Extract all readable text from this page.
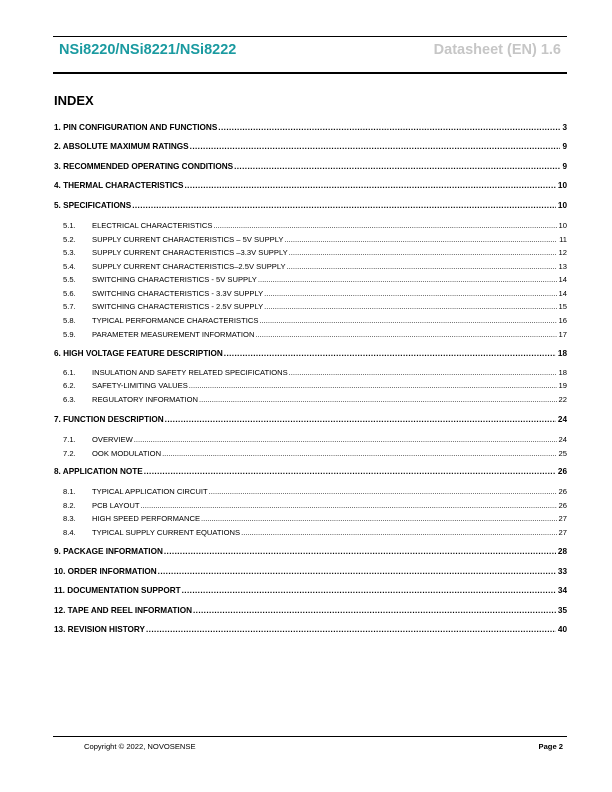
NSi8220/NSi8221/NSi8222	Datasheet (EN) 1.6
INDEX
1. PIN CONFIGURATION AND FUNCTIONS .....	3
2. ABSOLUTE MAXIMUM RATINGS .....	9
3. RECOMMENDED OPERATING CONDITIONS .....	9
4. THERMAL CHARACTERISTICS .....	10
5. SPECIFICATIONS .....	10
5.1.	ELECTRICAL CHARACTERISTICS .....	10
5.2.	SUPPLY CURRENT CHARACTERISTICS – 5V SUPPLY .....	11
5.3.	SUPPLY CURRENT CHARACTERISTICS –3.3V SUPPLY .....	12
5.4.	SUPPLY CURRENT CHARACTERISTICS–2.5V SUPPLY .....	13
5.5.	SWITCHING CHARACTERISTICS - 5V SUPPLY .....	14
5.6.	SWITCHING CHARACTERISTICS - 3.3V SUPPLY .....	14
5.7.	SWITCHING CHARACTERISTICS - 2.5V SUPPLY .....	15
5.8.	TYPICAL PERFORMANCE CHARACTERISTICS .....	16
5.9.	PARAMETER MEASUREMENT INFORMATION .....	17
6. HIGH VOLTAGE FEATURE DESCRIPTION .....	18
6.1.	INSULATION AND SAFETY RELATED SPECIFICATIONS .....	18
6.2.	SAFETY-LIMITING VALUES .....	19
6.3.	REGULATORY INFORMATION .....	22
7. FUNCTION DESCRIPTION .....	24
7.1.	OVERVIEW .....	24
7.2.	OOK MODULATION .....	25
8. APPLICATION NOTE .....	26
8.1.	TYPICAL APPLICATION CIRCUIT .....	26
8.2.	PCB LAYOUT .....	26
8.3.	HIGH SPEED PERFORMANCE .....	27
8.4.	TYPICAL SUPPLY CURRENT EQUATIONS .....	27
9. PACKAGE INFORMATION .....	28
10. ORDER INFORMATION .....	33
11. DOCUMENTATION SUPPORT .....	34
12. TAPE AND REEL INFORMATION .....	35
13. REVISION HISTORY .....	40
Copyright © 2022, NOVOSENSE	Page 2
